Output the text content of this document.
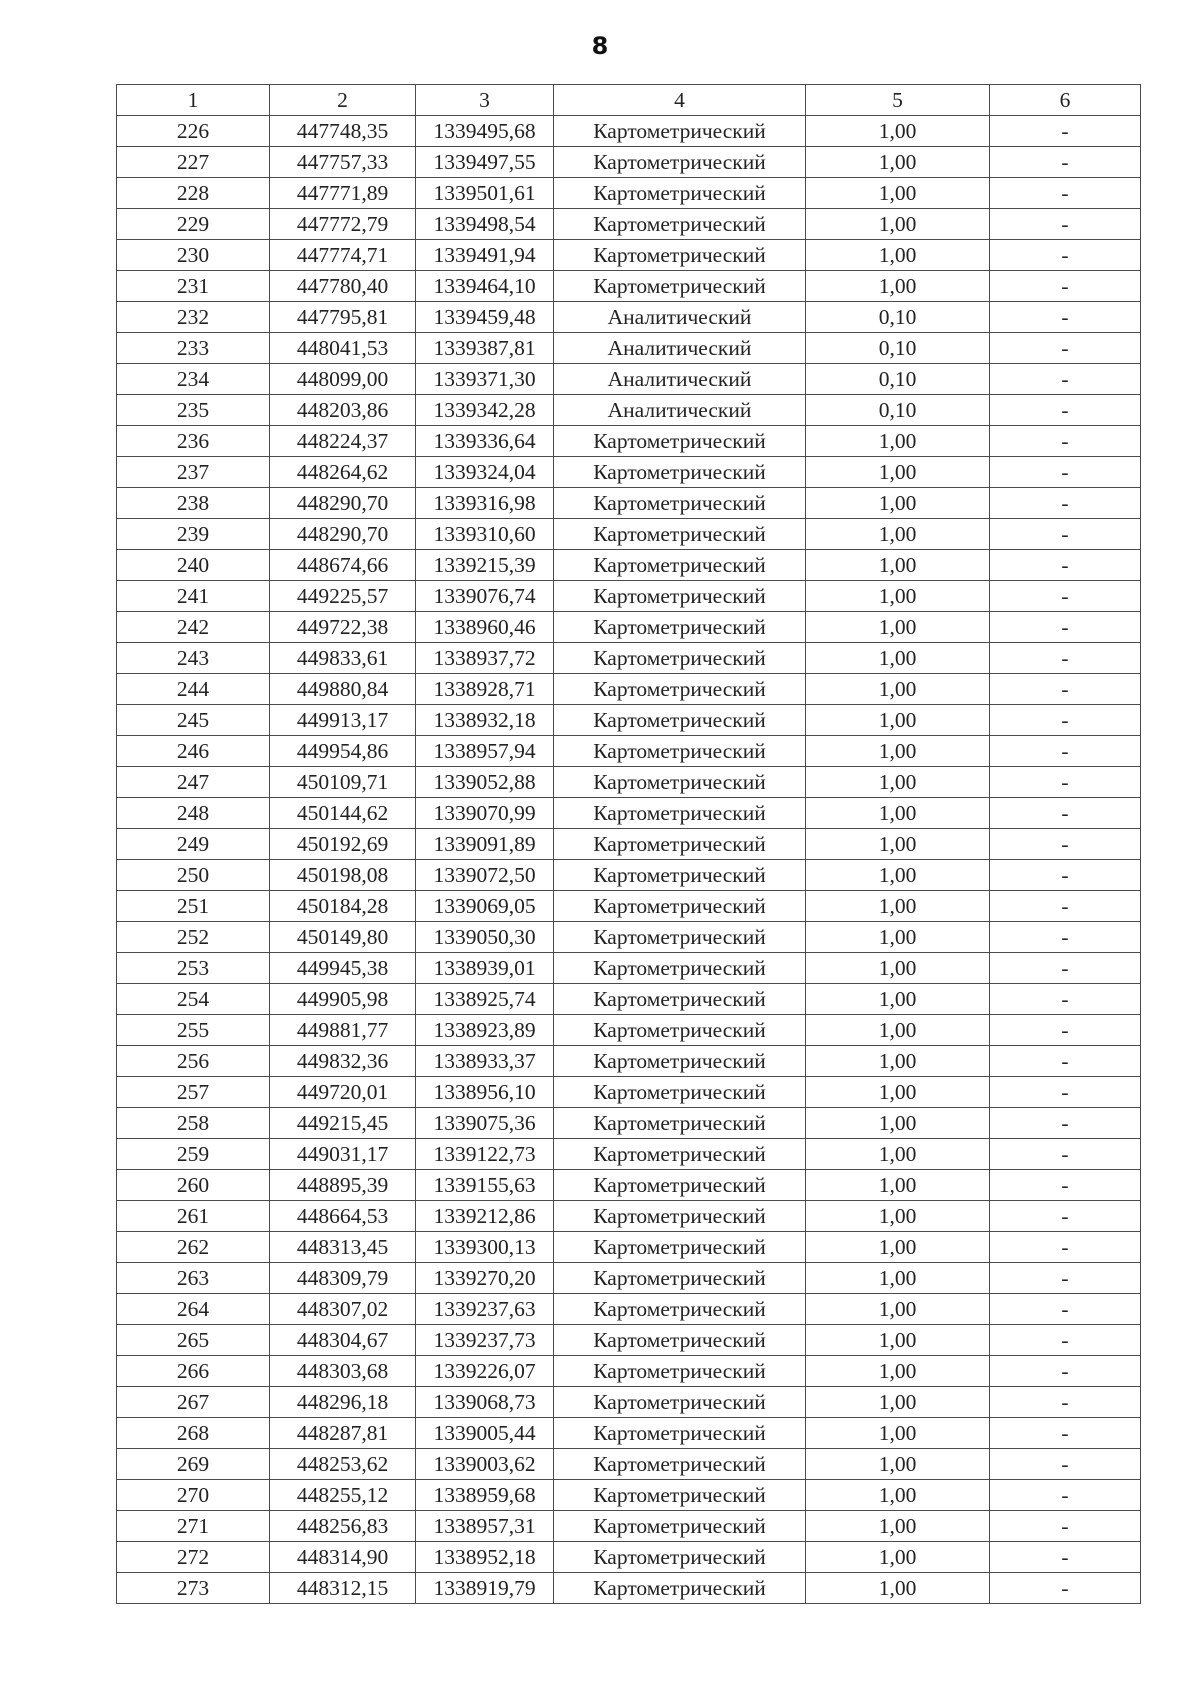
8
1	2	3	4	5	6
226	447748,35	1339495,68	Картометрический	1,00	-
227	447757,33	1339497,55	Картометрический	1,00	-
228	447771,89	1339501,61	Картометрический	1,00	-
229	447772,79	1339498,54	Картометрический	1,00	-
230	447774,71	1339491,94	Картометрический	1,00	-
231	447780,40	1339464,10	Картометрический	1,00	-
232	447795,81	1339459,48	Аналитический	0,10	-
233	448041,53	1339387,81	Аналитический	0,10	-
234	448099,00	1339371,30	Аналитический	0,10	-
235	448203,86	1339342,28	Аналитический	0,10	-
236	448224,37	1339336,64	Картометрический	1,00	-
237	448264,62	1339324,04	Картометрический	1,00	-
238	448290,70	1339316,98	Картометрический	1,00	-
239	448290,70	1339310,60	Картометрический	1,00	-
240	448674,66	1339215,39	Картометрический	1,00	-
241	449225,57	1339076,74	Картометрический	1,00	-
242	449722,38	1338960,46	Картометрический	1,00	-
243	449833,61	1338937,72	Картометрический	1,00	-
244	449880,84	1338928,71	Картометрический	1,00	-
245	449913,17	1338932,18	Картометрический	1,00	-
246	449954,86	1338957,94	Картометрический	1,00	-
247	450109,71	1339052,88	Картометрический	1,00	-
248	450144,62	1339070,99	Картометрический	1,00	-
249	450192,69	1339091,89	Картометрический	1,00	-
250	450198,08	1339072,50	Картометрический	1,00	-
251	450184,28	1339069,05	Картометрический	1,00	-
252	450149,80	1339050,30	Картометрический	1,00	-
253	449945,38	1338939,01	Картометрический	1,00	-
254	449905,98	1338925,74	Картометрический	1,00	-
255	449881,77	1338923,89	Картометрический	1,00	-
256	449832,36	1338933,37	Картометрический	1,00	-
257	449720,01	1338956,10	Картометрический	1,00	-
258	449215,45	1339075,36	Картометрический	1,00	-
259	449031,17	1339122,73	Картометрический	1,00	-
260	448895,39	1339155,63	Картометрический	1,00	-
261	448664,53	1339212,86	Картометрический	1,00	-
262	448313,45	1339300,13	Картометрический	1,00	-
263	448309,79	1339270,20	Картометрический	1,00	-
264	448307,02	1339237,63	Картометрический	1,00	-
265	448304,67	1339237,73	Картометрический	1,00	-
266	448303,68	1339226,07	Картометрический	1,00	-
267	448296,18	1339068,73	Картометрический	1,00	-
268	448287,81	1339005,44	Картометрический	1,00	-
269	448253,62	1339003,62	Картометрический	1,00	-
270	448255,12	1338959,68	Картометрический	1,00	-
271	448256,83	1338957,31	Картометрический	1,00	-
272	448314,90	1338952,18	Картометрический	1,00	-
273	448312,15	1338919,79	Картометрический	1,00	-
